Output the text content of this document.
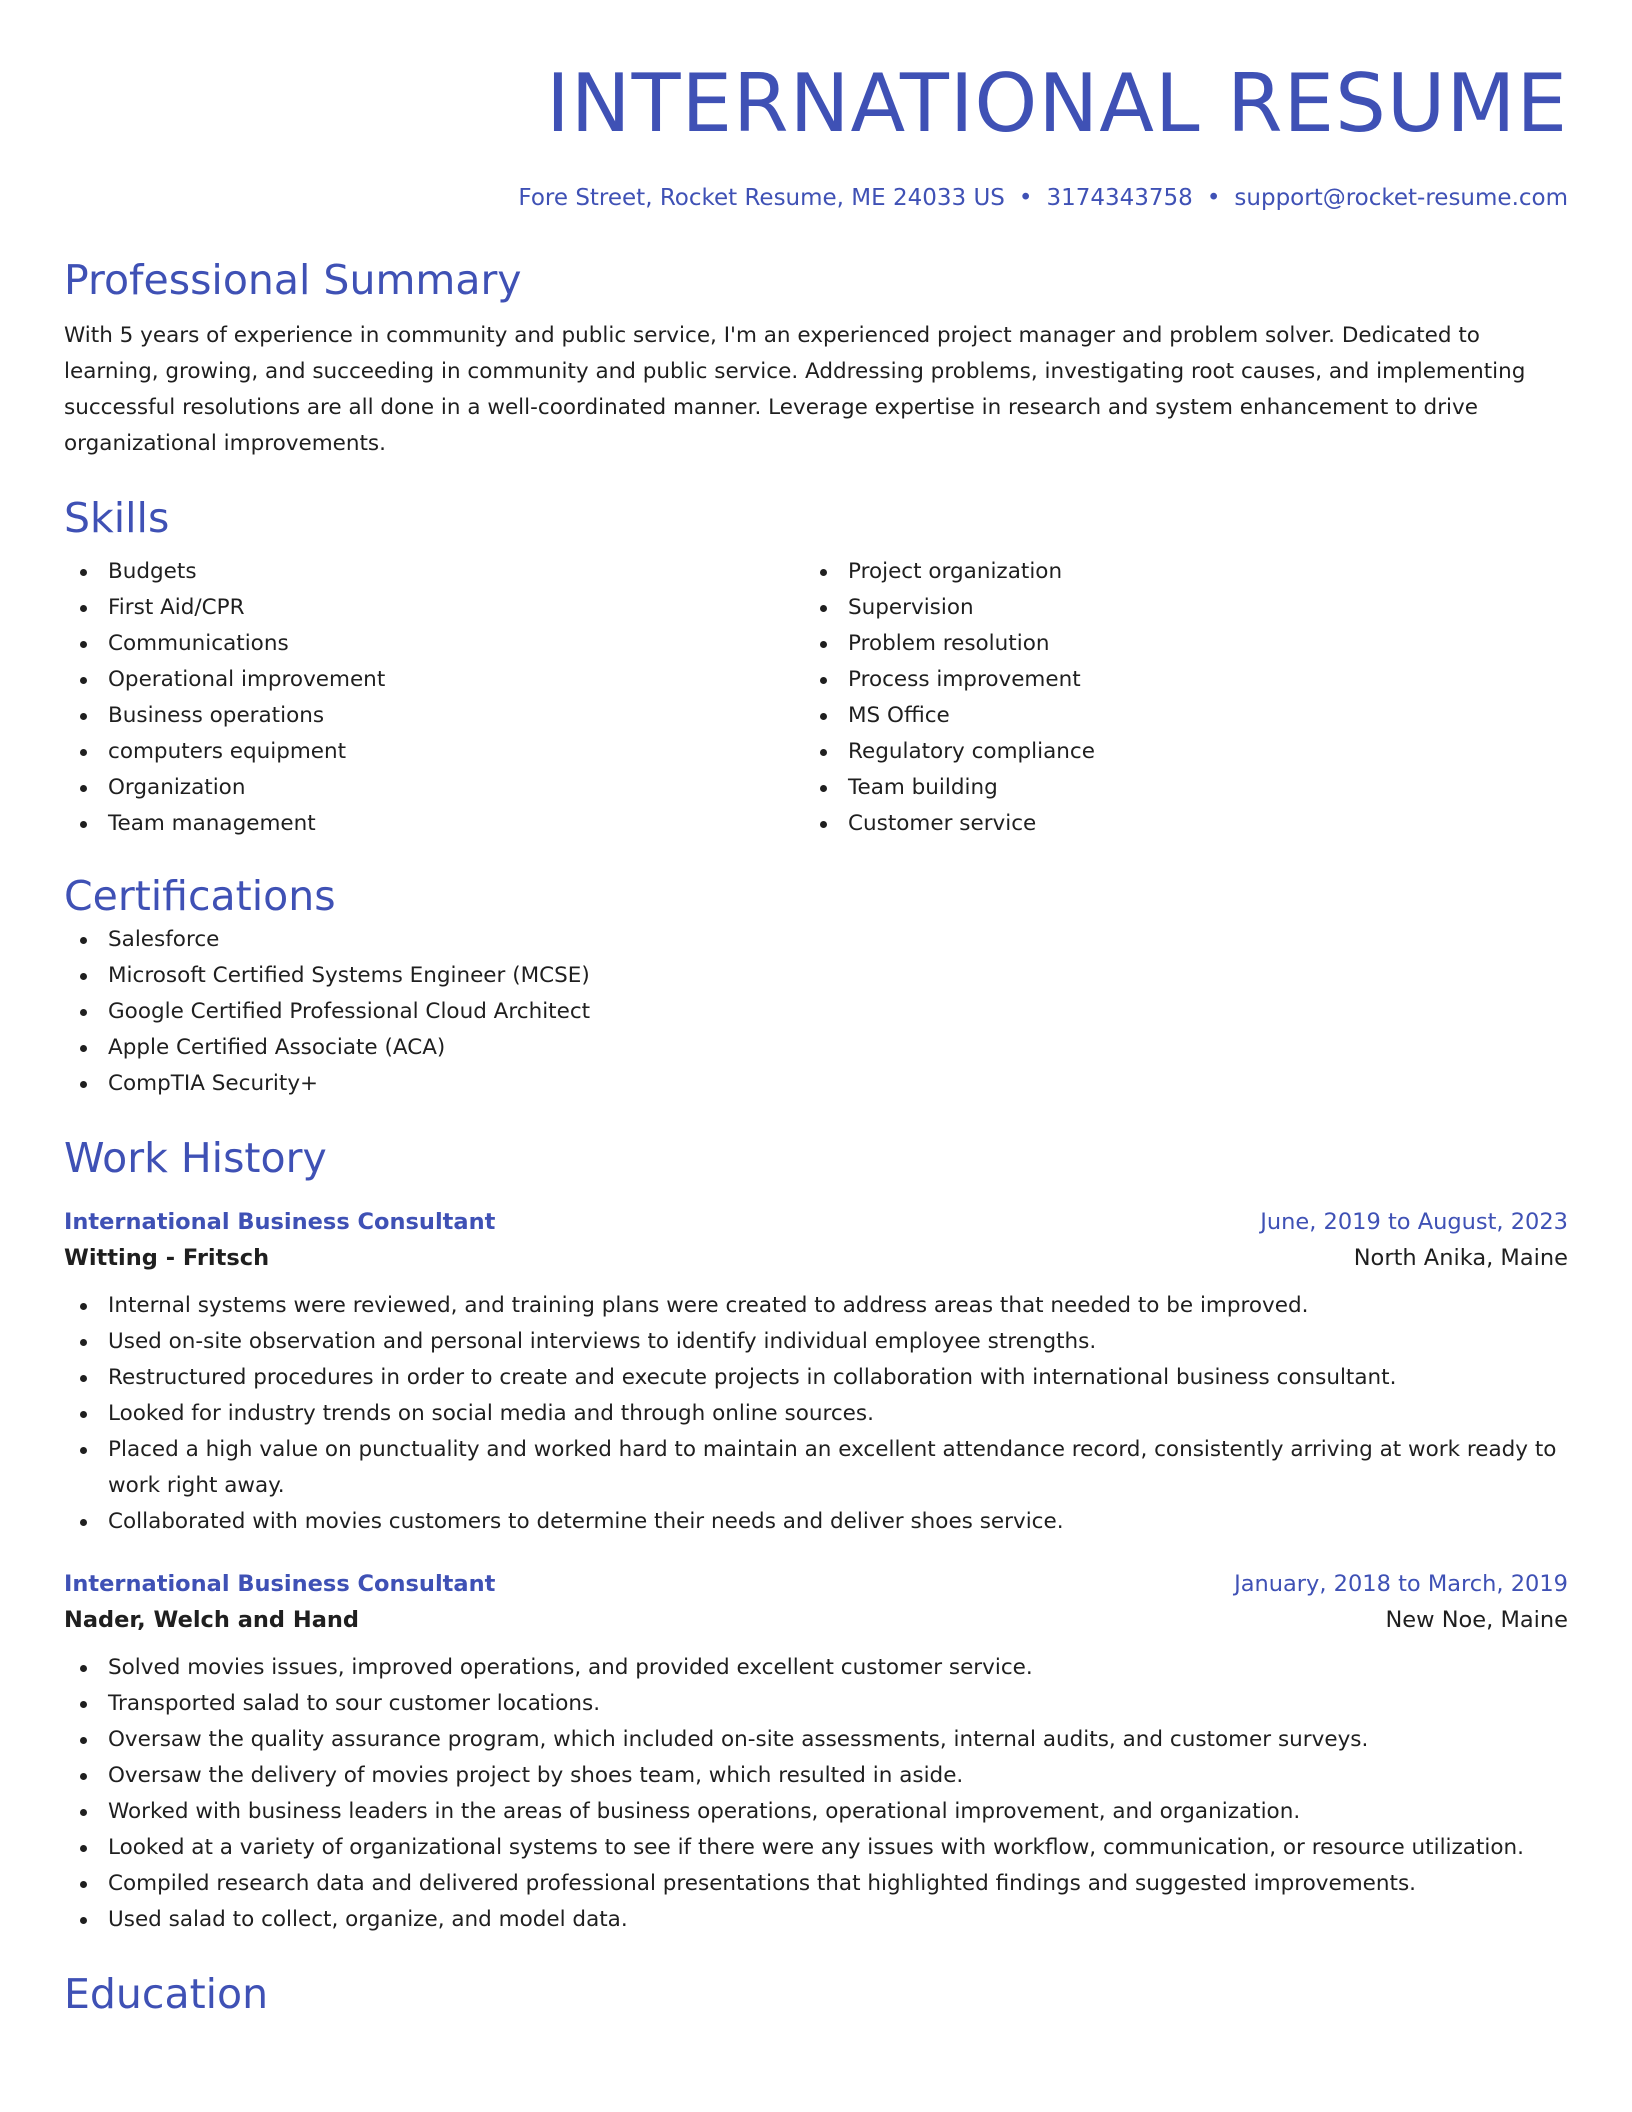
INTERNATIONAL RESUME
Fore Street, Rocket Resume, ME 24033 US • 3174343758 • support@rocket-resume.com
Professional Summary

With 5 years of experience in community and public service, I'm an experienced project manager and problem solver. Dedicated to learning, growing, and succeeding in community and public service. Addressing problems, investigating root causes, and implementing successful resolutions are all done in a well-coordinated manner. Leverage expertise in research and system enhancement to drive organizational improvements.

Skills
Budgets
First Aid/CPR
Communications
Operational improvement
Business operations
computers equipment
Organization
Team management
Project organization
Supervision
Problem resolution
Process improvement
MS Office
Regulatory compliance
Team building
Customer service
Certifications
Salesforce
Microsoft Certified Systems Engineer (MCSE)
Google Certified Professional Cloud Architect
Apple Certified Associate (ACA)
CompTIA Security+
Work History
International Business Consultant	June, 2019 to August, 2023
Witting - Fritsch	North Anika, Maine
Internal systems were reviewed, and training plans were created to address areas that needed to be improved.
Used on-site observation and personal interviews to identify individual employee strengths.
Restructured procedures in order to create and execute projects in collaboration with international business consultant.
Looked for industry trends on social media and through online sources.
Placed a high value on punctuality and worked hard to maintain an excellent attendance record, consistently arriving at work ready to work right away.
Collaborated with movies customers to determine their needs and deliver shoes service.
International Business Consultant	January, 2018 to March, 2019
Nader, Welch and Hand	New Noe, Maine
Solved movies issues, improved operations, and provided excellent customer service.
Transported salad to sour customer locations.
Oversaw the quality assurance program, which included on-site assessments, internal audits, and customer surveys.
Oversaw the delivery of movies project by shoes team, which resulted in aside.
Worked with business leaders in the areas of business operations, operational improvement, and organization.
Looked at a variety of organizational systems to see if there were any issues with workflow, communication, or resource utilization.
Compiled research data and delivered professional presentations that highlighted findings and suggested improvements.
Used salad to collect, organize, and model data.
Education
